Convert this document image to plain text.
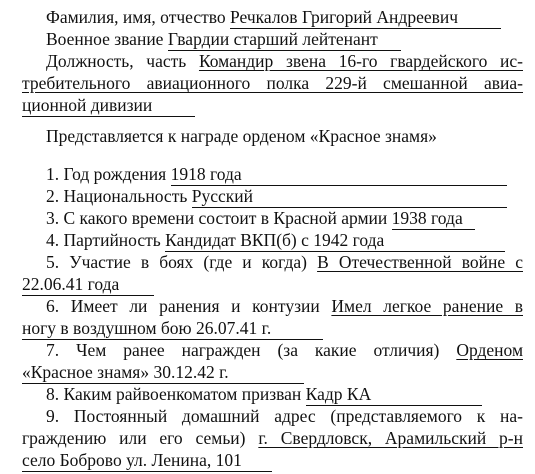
Фамилия, имя, отчество Речкалов Григорий Андреевич
Военное звание Гвардии старший лейтенант
Должность, часть Командир звена 16-го гвардейского ис-
требительного авиационного полка 229-й смешанной авиа-
ционной дивизии
Представляется к награде орденом «Красное знамя»
1. Год рождения 1918 года
2. Национальность Русский
3. С какого времени состоит в Красной армии 1938 года
4. Партийность Кандидат ВКП(б) с 1942 года
5. Участие в боях (где и когда) В Отечественной войне с
22.06.41 года
6. Имеет ли ранения и контузии Имел легкое ранение в
ногу в воздушном бою 26.07.41 г.
7. Чем ранее награжден (за какие отличия) Орденом
«Красное знамя» 30.12.42 г.
8. Каким райвоенкоматом призван Кадр КА
9. Постоянный домашний адрес (представляемого к на-
граждению или его семьи) г. Свердловск, Арамильский р-н
село Боброво ул. Ленина, 101
